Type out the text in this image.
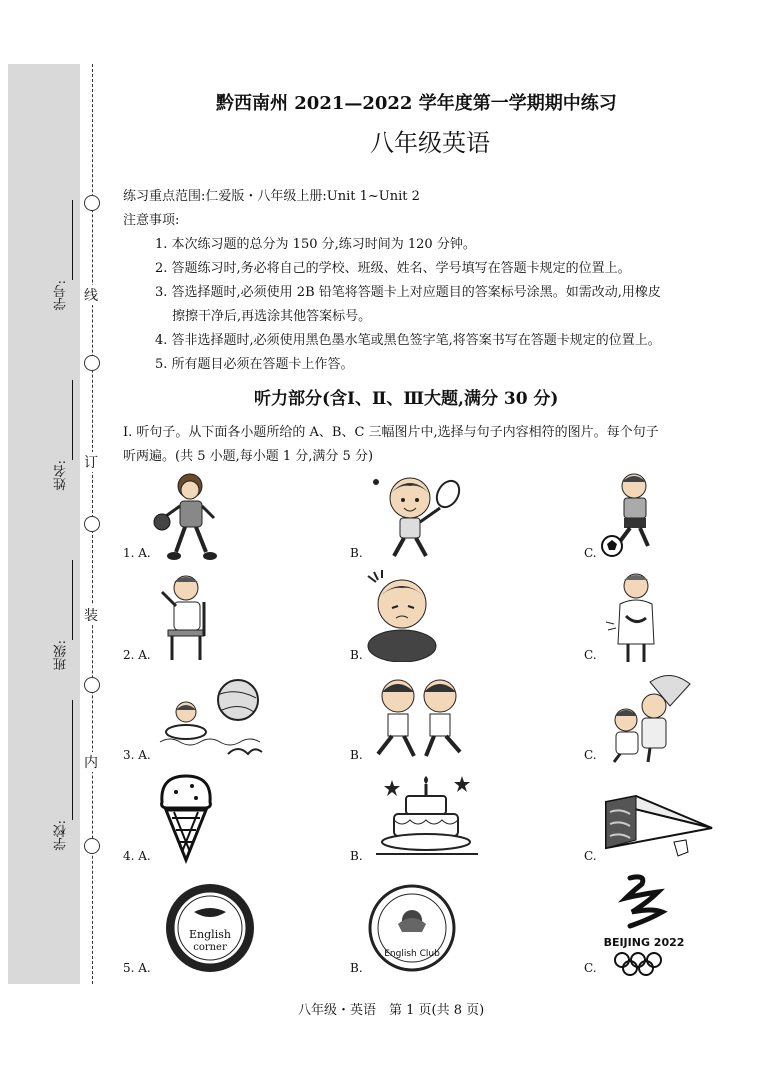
学号:
姓名:
班级:
学校:
线
订
装
内
黔西南州 2021—2022 学年度第一学期期中练习
八年级英语
练习重点范围:仁爱版・八年级上册:Unit 1~Unit 2
注意事项:
1. 本次练习题的总分为 150 分,练习时间为 120 分钟。
2. 答题练习时,务必将自己的学校、班级、姓名、学号填写在答题卡规定的位置上。
3. 答选择题时,必须使用 2B 铅笔将答题卡上对应题目的答案标号涂黑。如需改动,用橡皮
擦擦干净后,再选涂其他答案标号。
4. 答非选择题时,必须使用黑色墨水笔或黑色签字笔,将答案书写在答题卡规定的位置上。
5. 所有题目必须在答题卡上作答。
听力部分(含Ⅰ、Ⅱ、Ⅲ大题,满分 30 分)
Ⅰ. 听句子。从下面各小题所给的 A、B、C 三幅图片中,选择与句子内容相符的图片。每个句子
听两遍。(共 5 小题,每小题 1 分,满分 5 分)
1. A.	B.	C.
2. A.	B.	C.
3. A.	B.	C.
4. A.	B.	C.
5. A.	B.	C.
English
corner
English Club
BEIJING 2022
八年级・英语　第 1 页(共 8 页)
